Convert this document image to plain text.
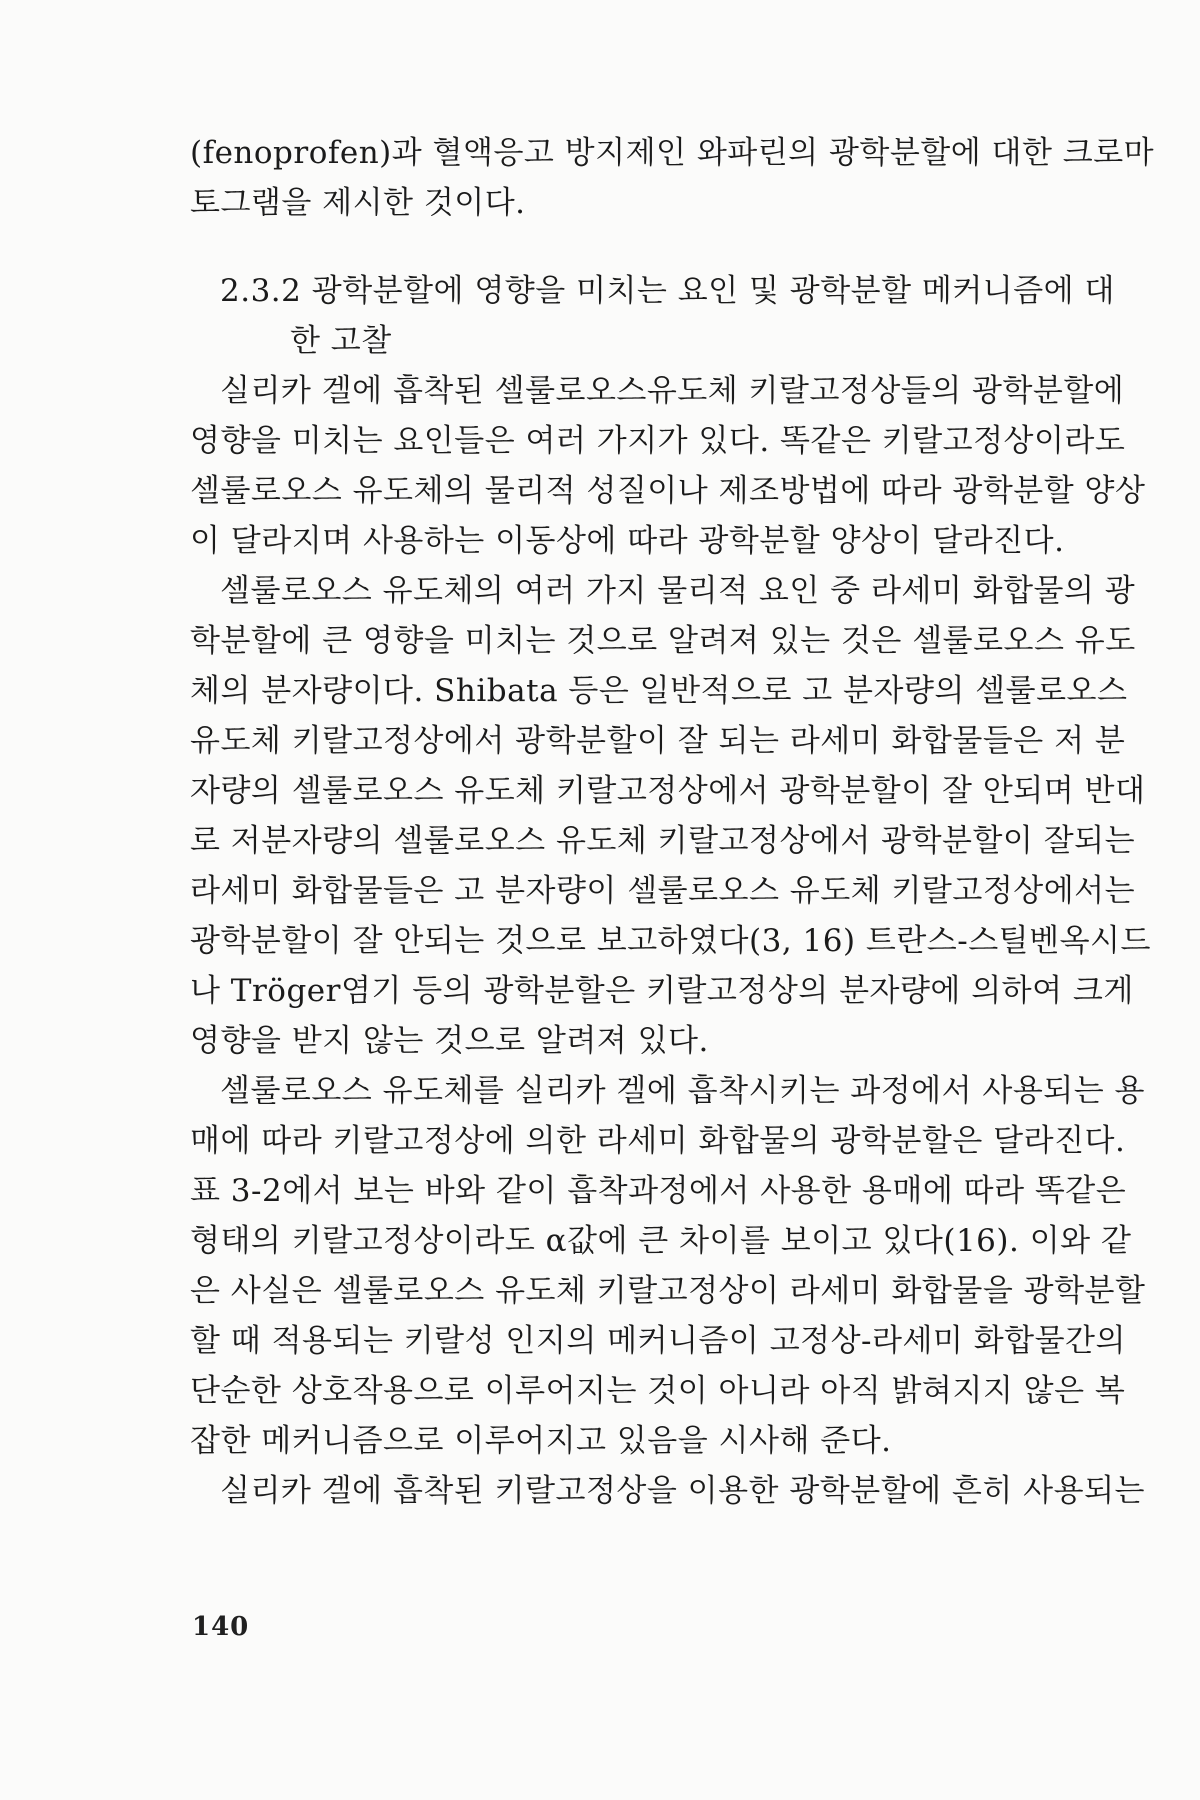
(fenoprofen)과 혈액응고 방지제인 와파린의 광학분할에 대한 크로마
토그램을 제시한 것이다.
2.3.2 광학분할에 영향을 미치는 요인 및 광학분할 메커니즘에 대
한 고찰
실리카 겔에 흡착된 셀룰로오스유도체 키랄고정상들의 광학분할에
영향을 미치는 요인들은 여러 가지가 있다. 똑같은 키랄고정상이라도
셀룰로오스 유도체의 물리적 성질이나 제조방법에 따라 광학분할 양상
이 달라지며 사용하는 이동상에 따라 광학분할 양상이 달라진다.
셀룰로오스 유도체의 여러 가지 물리적 요인 중 라세미 화합물의 광
학분할에 큰 영향을 미치는 것으로 알려져 있는 것은 셀룰로오스 유도
체의 분자량이다. Shibata 등은 일반적으로 고 분자량의 셀룰로오스
유도체 키랄고정상에서 광학분할이 잘 되는 라세미 화합물들은 저 분
자량의 셀룰로오스 유도체 키랄고정상에서 광학분할이 잘 안되며 반대
로 저분자량의 셀룰로오스 유도체 키랄고정상에서 광학분할이 잘되는
라세미 화합물들은 고 분자량이 셀룰로오스 유도체 키랄고정상에서는
광학분할이 잘 안되는 것으로 보고하였다(3, 16) 트란스-스틸벤옥시드
나 Tröger염기 등의 광학분할은 키랄고정상의 분자량에 의하여 크게
영향을 받지 않는 것으로 알려져 있다.
셀룰로오스 유도체를 실리카 겔에 흡착시키는 과정에서 사용되는 용
매에 따라 키랄고정상에 의한 라세미 화합물의 광학분할은 달라진다.
표 3-2에서 보는 바와 같이 흡착과정에서 사용한 용매에 따라 똑같은
형태의 키랄고정상이라도 α값에 큰 차이를 보이고 있다(16). 이와 같
은 사실은 셀룰로오스 유도체 키랄고정상이 라세미 화합물을 광학분할
할 때 적용되는 키랄성 인지의 메커니즘이 고정상-라세미 화합물간의
단순한 상호작용으로 이루어지는 것이 아니라 아직 밝혀지지 않은 복
잡한 메커니즘으로 이루어지고 있음을 시사해 준다.
실리카 겔에 흡착된 키랄고정상을 이용한 광학분할에 흔히 사용되는
140
